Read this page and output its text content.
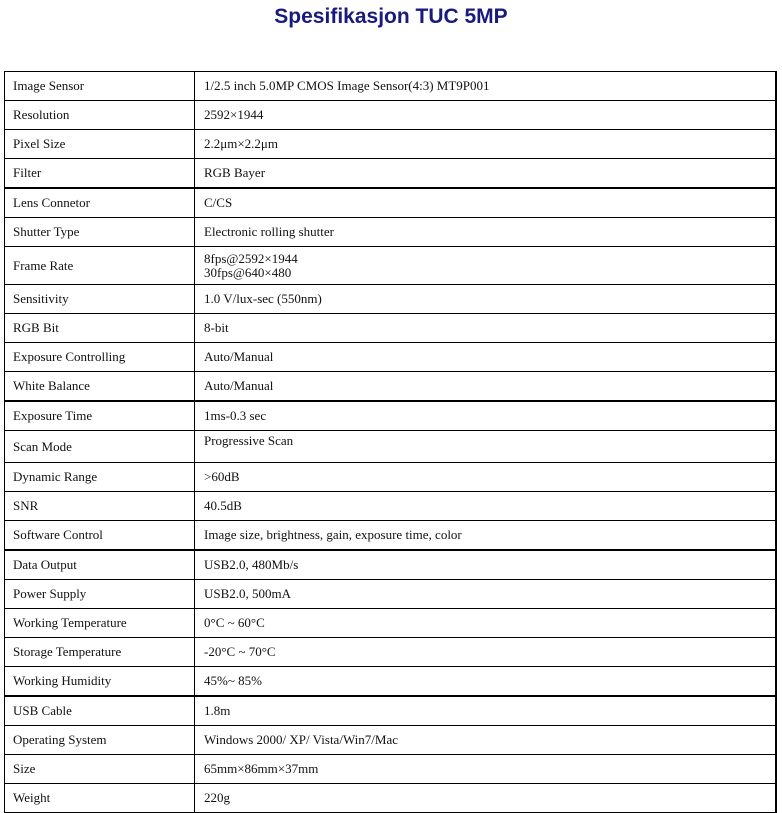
Spesifikasjon TUC 5MP
Image Sensor	1/2.5 inch 5.0MP CMOS Image Sensor(4:3) MT9P001
Resolution	2592×1944
Pixel Size	2.2μm×2.2μm
Filter	RGB Bayer
Lens Connetor	C/CS
Shutter Type	Electronic rolling shutter
Frame Rate	8fps@2592×1944
30fps@640×480

Sensitivity	1.0 V/lux-sec (550nm)
RGB Bit	8-bit
Exposure Controlling	Auto/Manual
White Balance	Auto/Manual
Exposure Time	1ms-0.3 sec
Scan Mode	Progressive Scan
Dynamic Range	>60dB
SNR	40.5dB
Software Control	Image size, brightness, gain, exposure time, color
Data Output	USB2.0, 480Mb/s
Power Supply	USB2.0, 500mA
Working Temperature	0°C ~ 60°C
Storage Temperature	-20°C ~ 70°C
Working Humidity	45%~ 85%
USB Cable	1.8m
Operating System	Windows 2000/ XP/ Vista/Win7/Mac
Size	65mm×86mm×37mm
Weight	220g
